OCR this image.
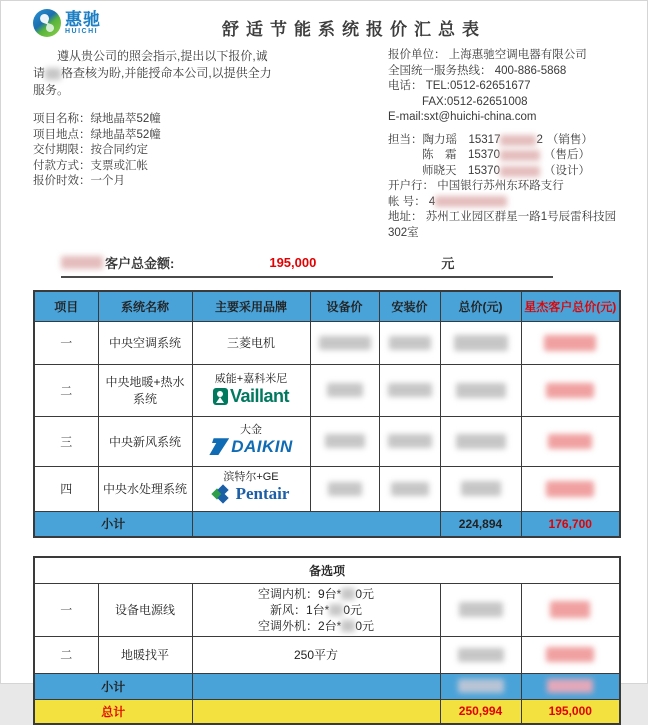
惠驰
HUICHI	舒适节能系统报价汇总表
遵从贵公司的照会指示,提出以下报价,诚
请 格查核为盼,并能授命本公司,以提供全力
服务。
项目名称：绿地晶萃52幢
项目地点：绿地晶萃52幢
交付期限：按合同约定
付款方式：支票或汇帐
报价时效：一个月
报价单位： 上海惠驰空调电器有限公司
全国统一服务热线： 400-886-5868
电话： TEL:0512-62651677
FAX:0512-62651008
E-mail:sxt@huichi-china.com
担当： 陶力瑶	15317	2 （销售）
陈　霜	15370	（售后）
师晓天	15370	（设计）
开户行： 中国银行苏州东环路支行
帐 号： 4
地址： 苏州工业园区群星一路1号辰雷科技园302室
客户总金额:	195,000	元
项目	系统名称	主要采用品牌	设备价	安装价	总价(元)	星杰客户总价(元)
一	中央空调系统	三菱电机				
二	中央地暖+热水系统	威能+嘉科米尼
Vaillant				

三	中央新风系统	大金
DAIKIN				

四	中央水处理系统	滨特尔+GE
Pentair				

小计					224,894	176,700
备选项				
一	设备电源线	空调内机：9台* 0元
新风：1台* 0元
空调外机：2台* 0元		

二	地暖找平	250平方		
小计				
总计			250,994	195,000
